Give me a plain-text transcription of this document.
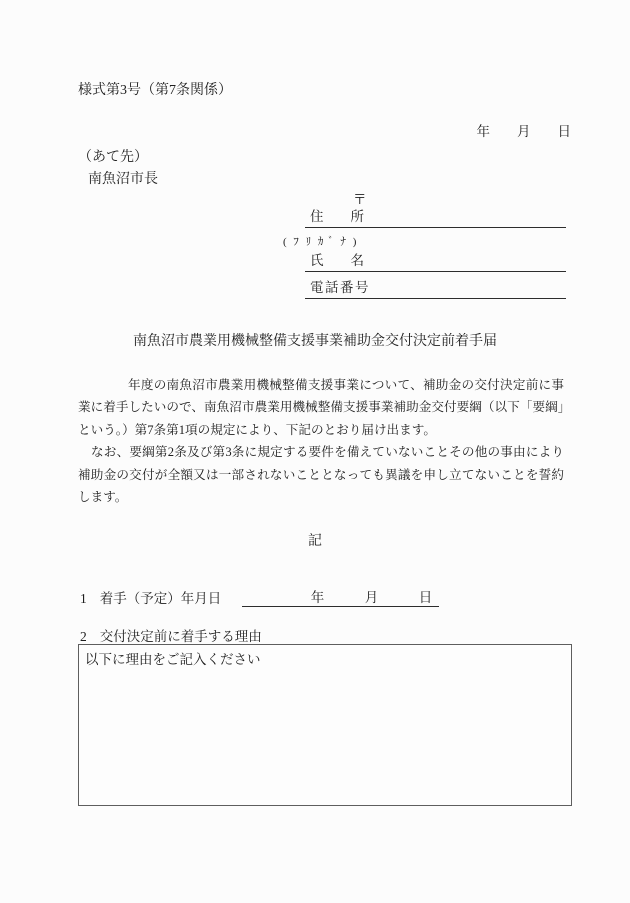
様式第3号（第7条関係）
年　　月　　日
（あて先）
南魚沼市長
〒
住　　所
( ﾌ ﾘ ｶ ﾞ ﾅ )
氏　　名
電話番号
南魚沼市農業用機械整備支援事業補助金交付決定前着手届

年度の南魚沼市農業用機械整備支援事業について、補助金の交付決定前に事業に着手したいので、南魚沼市農業用機械整備支援事業補助金交付要綱（以下「要綱」という。）第7条第1項の規定により、下記のとおり届け出ます。

なお、要綱第2条及び第3条に規定する要件を備えていないことその他の事由により補助金の交付が全額又は一部されないこととなっても異議を申し立てないことを誓約します。

記
1 着手（予定）年月日	年　　　月　　　日
2 交付決定前に着手する理由
以下に理由をご記入ください
